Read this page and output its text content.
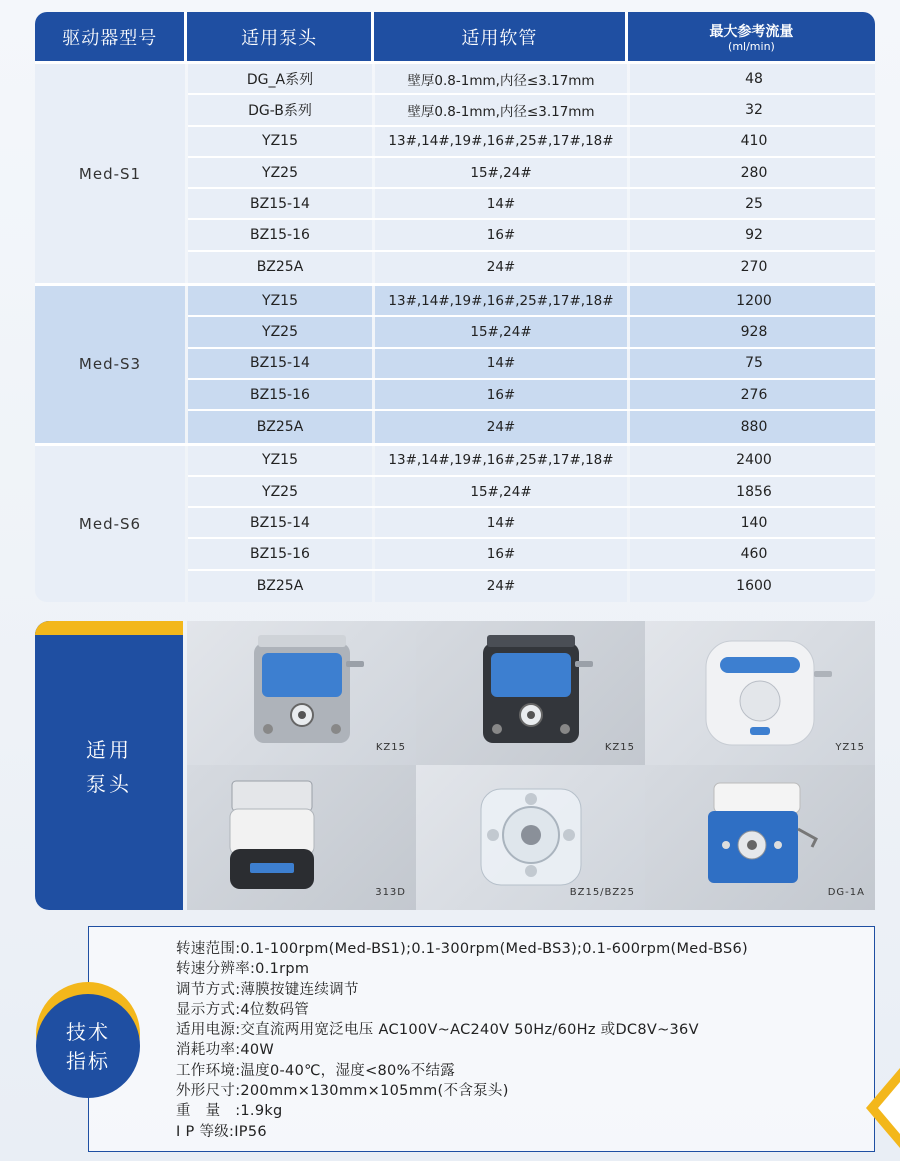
驱动器型号	适用泵头	适用软管	最大参考流量
(ml/min)
Med-S1
DG_A系列	壁厚0.8-1mm,内径≤3.17mm	48
DG-B系列	壁厚0.8-1mm,内径≤3.17mm	32
YZ15	13#,14#,19#,16#,25#,17#,18#	410
YZ25	15#,24#	280
BZ15-14	14#	25
BZ15-16	16#	92
BZ25A	24#	270
Med-S3
YZ15	13#,14#,19#,16#,25#,17#,18#	1200
YZ25	15#,24#	928
BZ15-14	14#	75
BZ15-16	16#	276
BZ25A	24#	880
Med-S6
YZ15	13#,14#,19#,16#,25#,17#,18#	2400
YZ25	15#,24#	1856
BZ15-14	14#	140
BZ15-16	16#	460
BZ25A	24#	1600
适用
泵头
KZ15	KZ15	YZ15
313D	BZ15/BZ25	DG-1A
转速范围:0.1-100rpm(Med-BS1);0.1-300rpm(Med-BS3);0.1-600rpm(Med-BS6)
转速分辨率:0.1rpm
调节方式:薄膜按键连续调节
显示方式:4位数码管
适用电源:交直流两用宽泛电压 AC100V~AC240V 50Hz/60Hz 或DC8V~36V
消耗功率:40W
工作环境:温度0-40℃，湿度<80%不结露
外形尺寸:200mm×130mm×105mm(不含泵头)
重　量　:1.9kg
I P 等级:IP56
技术
指标
